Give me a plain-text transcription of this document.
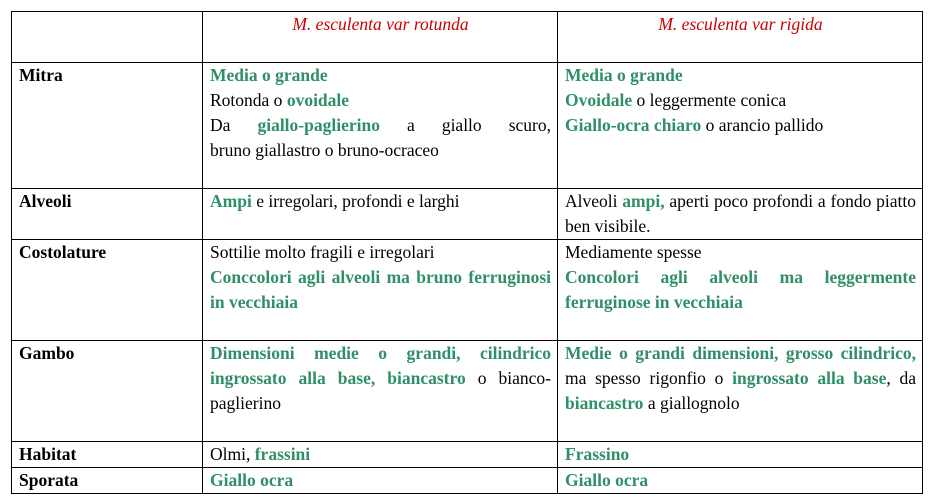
	M. esculenta var rotunda	M. esculenta var rigida
Mitra	Media o grande
Rotonda o ovoidale
Da giallo-paglierino a giallo scuro,
bruno giallastro o bruno-ocraceo	Media o grande
Ovoidale o leggermente conica
Giallo-ocra chiaro o arancio pallido

Alveoli	Ampi e irregolari, profondi e larghi	Alveoli ampi, aperti poco profondi a fondo piatto ben visibile.
Costolature	Sottilie molto fragili e irregolari
Conccolori agli alveoli ma bruno ferruginosi in vecchiaia	Mediamente spesse
Concolori agli alveoli ma leggermente ferruginose in vecchiaia

Gambo	Dimensioni medie o grandi, cilindrico ingrossato alla base, biancastro o bianco- paglierino	Medie o grandi dimensioni, grosso cilindrico, ma spesso rigonfio o ingrossato alla base, da biancastro a giallognolo
Habitat	Olmi, frassini	Frassino
Sporata	Giallo ocra	Giallo ocra
